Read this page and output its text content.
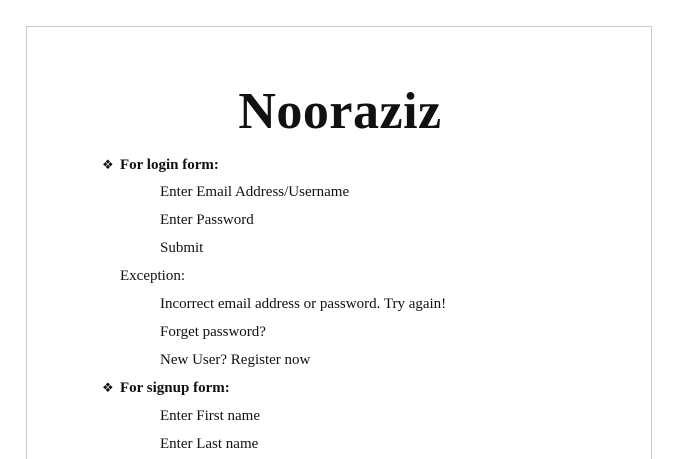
Nooraziz
❖ For login form:
Enter Email Address/Username
Enter Password
Submit
Exception:
Incorrect email address or password. Try again!
Forget password?
New User? Register now
❖ For signup form:
Enter First name
Enter Last name
